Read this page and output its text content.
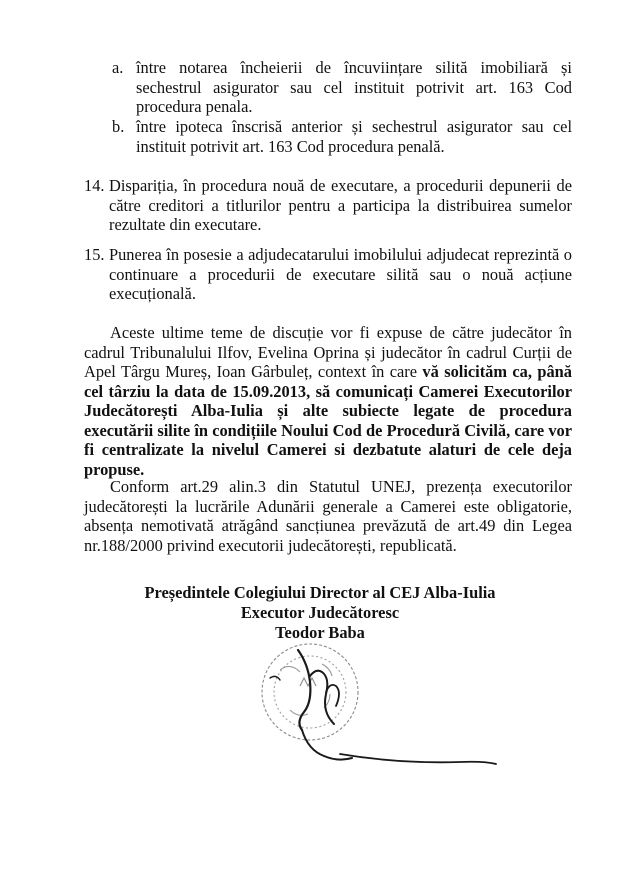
a. între notarea încheierii de încuviințare silită imobiliară și sechestrul asigurator sau cel instituit potrivit art. 163 Cod procedura penala.
b. între ipoteca înscrisă anterior și sechestrul asigurator sau cel instituit potrivit art. 163 Cod procedura penală.
14. Dispariția, în procedura nouă de executare, a procedurii depunerii de către creditori a titlurilor pentru a participa la distribuirea sumelor rezultate din executare.
15. Punerea în posesie a adjudecatarului imobilului adjudecat reprezintă o continuare a procedurii de executare silită sau o nouă acțiune execuțională.
Aceste ultime teme de discuție vor fi expuse de către judecător în cadrul Tribunalului Ilfov, Evelina Oprina și judecător în cadrul Curții de Apel Târgu Mureș, Ioan Gârbuleț, context în care vă solicităm ca, până cel târziu la data de 15.09.2013, să comunicați Camerei Executorilor Judecătorești Alba-Iulia și alte subiecte legate de procedura executării silite în condițiile Noului Cod de Procedură Civilă, care vor fi centralizate la nivelul Camerei si dezbatute alaturi de cele deja propuse.
Conform art.29 alin.3 din Statutul UNEJ, prezența executorilor judecătorești la lucrările Adunării generale a Camerei este obligatorie, absența nemotivată atrăgând sancțiunea prevăzută de art.49 din Legea nr.188/2000 privind executorii judecătorești, republicată.
Președintele Colegiului Director al CEJ Alba-Iulia
Executor Judecătoresc
Teodor Baba
